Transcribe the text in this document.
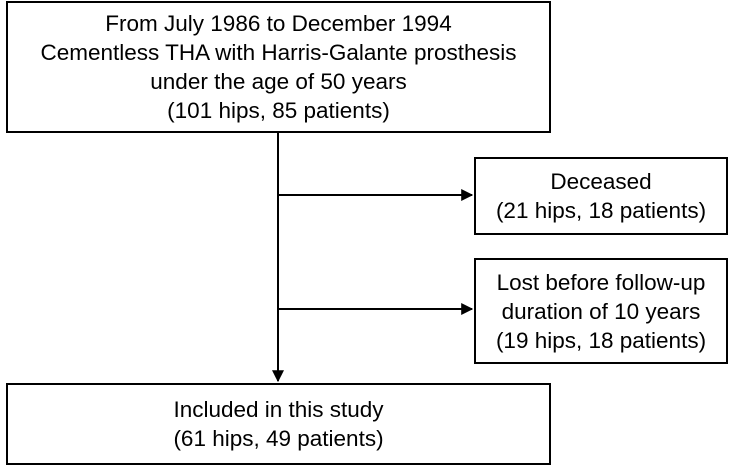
From July 1986 to December 1994
Cementless THA with Harris-Galante prosthesis
under the age of 50 years
(101 hips, 85 patients)
Deceased
(21 hips, 18 patients)
Lost before follow-up
duration of 10 years
(19 hips, 18 patients)
Included in this study
(61 hips, 49 patients)
